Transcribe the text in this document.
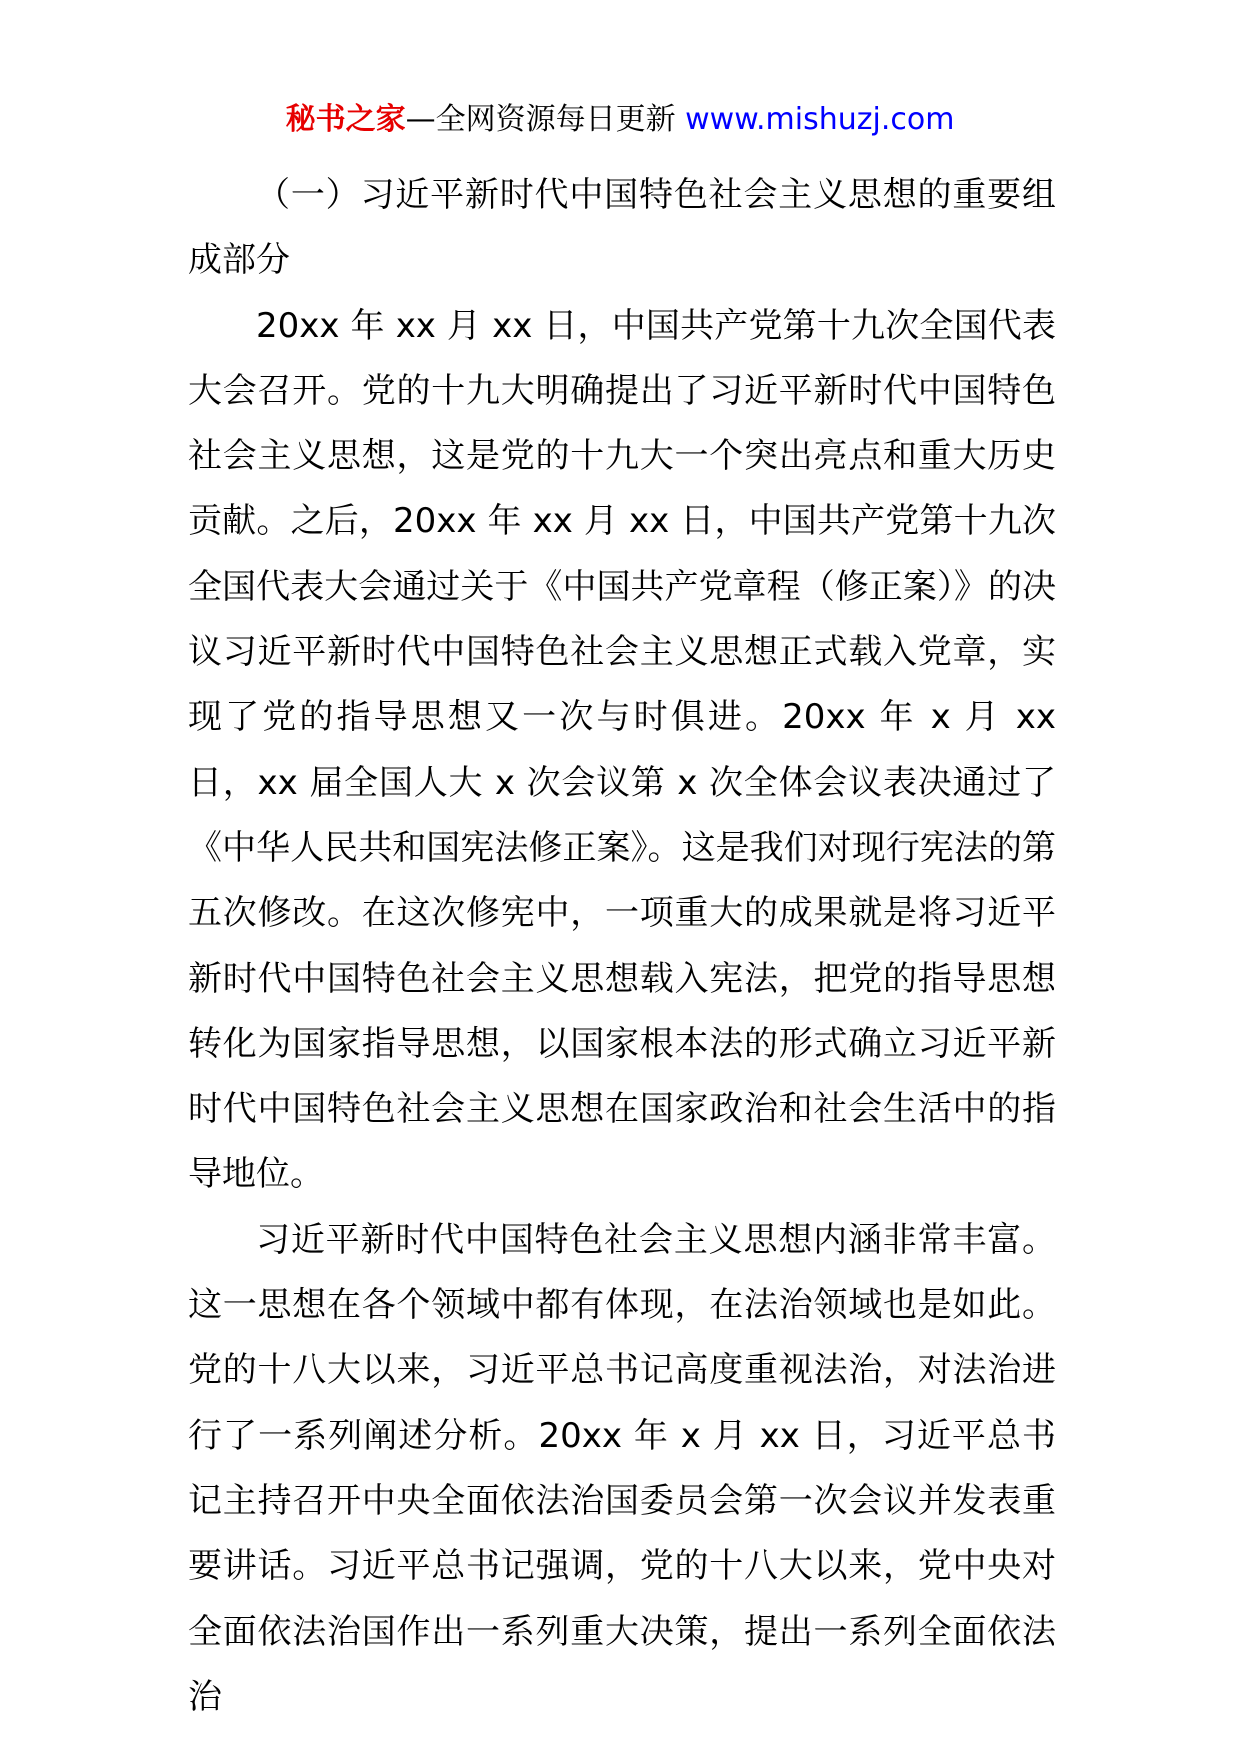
秘书之家—全网资源每日更新 www.mishuzj.com

（一）习近平新时代中国特色社会主义思想的重要组成部分

20xx 年 xx 月 xx 日，中国共产党第十九次全国代表大会召开。党的十九大明确提出了习近平新时代中国特色社会主义思想，这是党的十九大一个突出亮点和重大历史贡献。之后，20xx 年 xx 月 xx 日，中国共产党第十九次全国代表大会通过关于《中国共产党章程（修正案）》的决议习近平新时代中国特色社会主义思想正式载入党章，实现了党的指导思想又一次与时俱进。20xx 年 x 月 xx 日，xx 届全国人大 x 次会议第 x 次全体会议表决通过了《中华人民共和国宪法修正案》。这是我们对现行宪法的第五次修改。在这次修宪中，一项重大的成果就是将习近平新时代中国特色社会主义思想载入宪法，把党的指导思想转化为国家指导思想，以国家根本法的形式确立习近平新时代中国特色社会主义思想在国家政治和社会生活中的指导地位。

习近平新时代中国特色社会主义思想内涵非常丰富。这一思想在各个领域中都有体现，在法治领域也是如此。党的十八大以来，习近平总书记高度重视法治，对法治进行了一系列阐述分析。20xx 年 x 月 xx 日，习近平总书记主持召开中央全面依法治国委员会第一次会议并发表重要讲话。习近平总书记强调，党的十八大以来，党中央对全面依法治国作出一系列重大决策，提出一系列全面依法治
